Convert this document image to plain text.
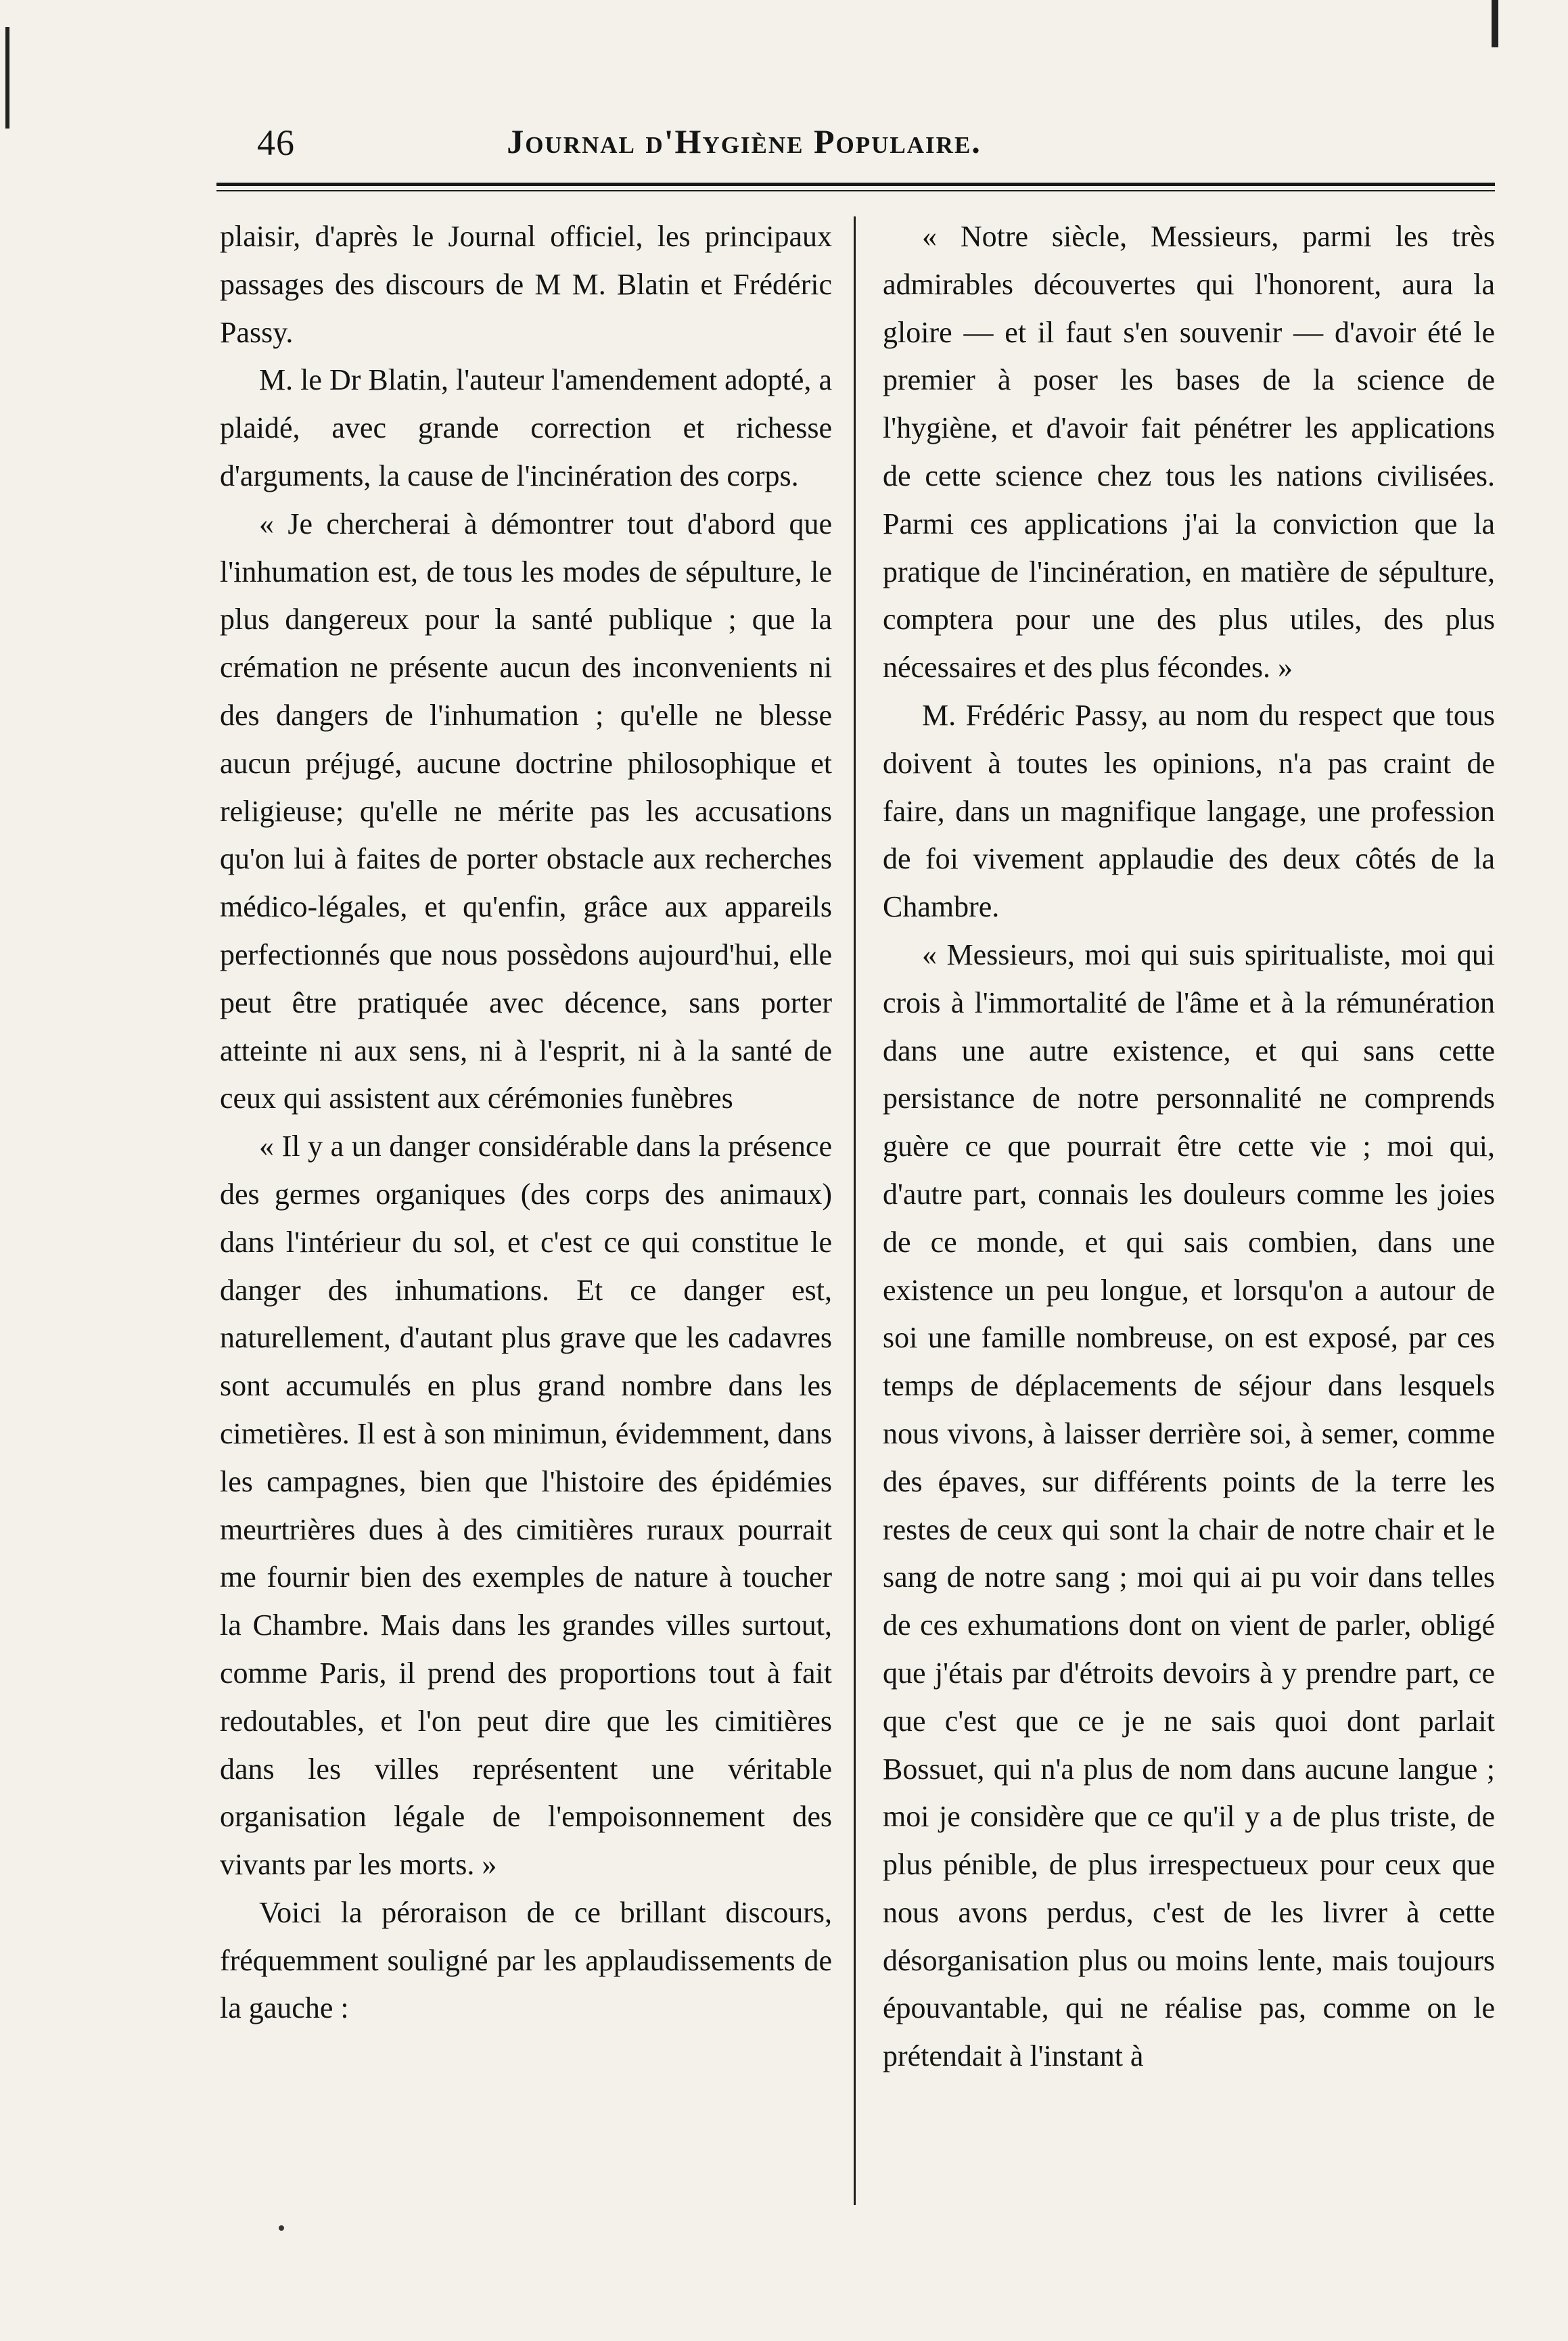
46	Journal d'Hygiène Populaire.

plaisir, d'après le Journal officiel, les principaux passages des discours de M M. Blatin et Frédéric Passy.

M. le Dr Blatin, l'auteur l'amendement adopté, a plaidé, avec grande correction et richesse d'arguments, la cause de l'incinération des corps.

« Je chercherai à démontrer tout d'abord que l'inhumation est, de tous les modes de sépulture, le plus dangereux pour la santé publique ; que la crémation ne présente aucun des inconvenients ni des dangers de l'inhumation ; qu'elle ne blesse aucun préjugé, aucune doctrine philosophique et religieuse; qu'elle ne mérite pas les accusations qu'on lui à faites de porter obstacle aux recherches médico-légales, et qu'enfin, grâce aux appareils perfectionnés que nous possèdons aujourd'hui, elle peut être pratiquée avec décence, sans porter atteinte ni aux sens, ni à l'esprit, ni à la santé de ceux qui assistent aux cérémonies funèbres

« Il y a un danger considérable dans la présence des germes organiques (des corps des animaux) dans l'intérieur du sol, et c'est ce qui constitue le danger des inhumations. Et ce danger est, naturellement, d'autant plus grave que les cadavres sont accumulés en plus grand nombre dans les cimetières. Il est à son minimun, évidemment, dans les campagnes, bien que l'histoire des épidémies meurtrières dues à des cimitières ruraux pourrait me fournir bien des exemples de nature à toucher la Chambre. Mais dans les grandes villes surtout, comme Paris, il prend des proportions tout à fait redoutables, et l'on peut dire que les cimitières dans les villes représentent une véritable organisation légale de l'empoisonnement des vivants par les morts. »

Voici la péroraison de ce brillant discours, fréquemment souligné par les applaudissements de la gauche :

« Notre siècle, Messieurs, parmi les très admirables découvertes qui l'honorent, aura la gloire — et il faut s'en souvenir — d'avoir été le premier à poser les bases de la science de l'hygiène, et d'avoir fait pénétrer les applications de cette science chez tous les nations civilisées. Parmi ces applications j'ai la conviction que la pratique de l'incinération, en matière de sépulture, comptera pour une des plus utiles, des plus nécessaires et des plus fécondes. »

M. Frédéric Passy, au nom du respect que tous doivent à toutes les opinions, n'a pas craint de faire, dans un magnifique langage, une profession de foi vivement applaudie des deux côtés de la Chambre.

« Messieurs, moi qui suis spiritualiste, moi qui crois à l'immortalité de l'âme et à la rémunération dans une autre existence, et qui sans cette persistance de notre personnalité ne comprends guère ce que pourrait être cette vie ; moi qui, d'autre part, connais les douleurs comme les joies de ce monde, et qui sais combien, dans une existence un peu longue, et lorsqu'on a autour de soi une famille nombreuse, on est exposé, par ces temps de déplacements de séjour dans lesquels nous vivons, à laisser derrière soi, à semer, comme des épaves, sur différents points de la terre les restes de ceux qui sont la chair de notre chair et le sang de notre sang ; moi qui ai pu voir dans telles de ces exhumations dont on vient de parler, obligé que j'étais par d'étroits devoirs à y prendre part, ce que c'est que ce je ne sais quoi dont parlait Bossuet, qui n'a plus de nom dans aucune langue ; moi je considère que ce qu'il y a de plus triste, de plus pénible, de plus irrespectueux pour ceux que nous avons perdus, c'est de les livrer à cette désorganisation plus ou moins lente, mais toujours épouvantable, qui ne réalise pas, comme on le prétendait à l'instant à
